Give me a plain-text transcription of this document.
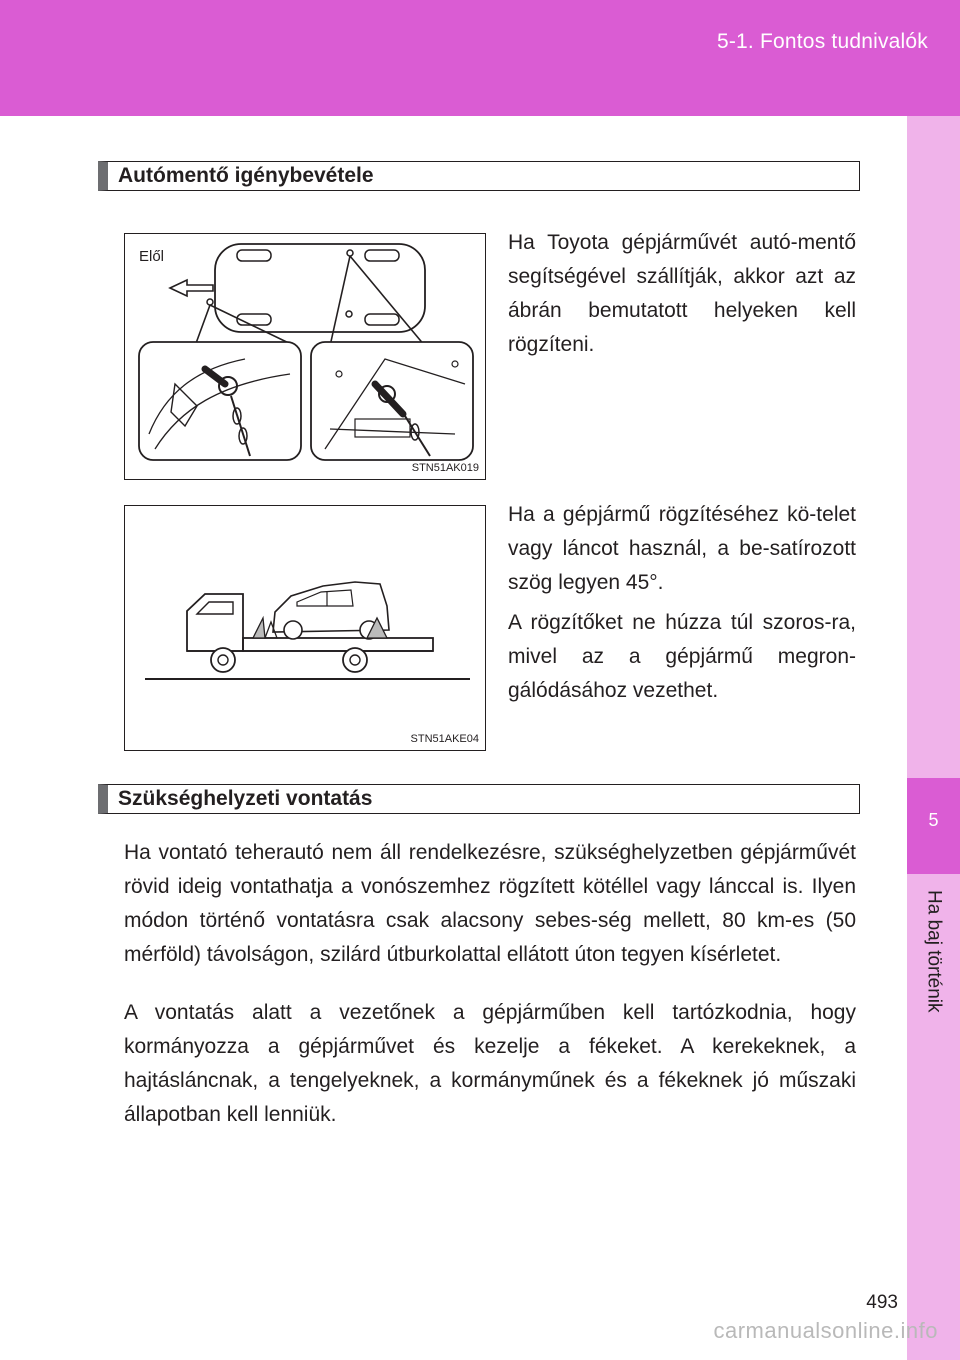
5-1. Fontos tudnivalók
5
Ha baj történik
Autómentő igénybevétele
Elől
STN51AK019

Ha Toyota gépjárművét autó-mentő segítségével szállítják, akkor azt az ábrán bemutatott helyeken kell rögzíteni.

STN51AKE04

Ha a gépjármű rögzítéséhez kö-telet vagy láncot használ, a be-satírozott szög legyen 45°.

A rögzítőket ne húzza túl szoros-ra, mivel az a gépjármű megron-gálódásához vezethet.

Szükséghelyzeti vontatás

Ha vontató teherautó nem áll rendelkezésre, szükséghelyzetben gépjárművét rövid ideig vontathatja a vonószemhez rögzített kötéllel vagy lánccal is. Ilyen módon történő vontatásra csak alacsony sebes-ség mellett, 80 km-es (50 mérföld) távolságon, szilárd útburkolattal ellátott úton tegyen kísérletet.

A vontatás alatt a vezetőnek a gépjárműben kell tartózkodnia, hogy kormányozza a gépjárművet és kezelje a fékeket. A kerekeknek, a hajtásláncnak, a tengelyeknek, a kormányműnek és a fékeknek jó műszaki állapotban kell lenniük.

493
carmanualsonline.info
